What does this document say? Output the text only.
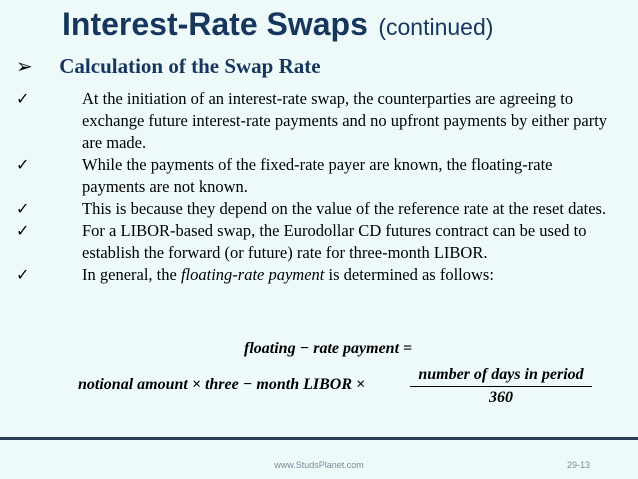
Interest-Rate Swaps (continued)
➢ Calculation of the Swap Rate

✓	At the initiation of an interest-rate swap, the counterparties are agreeing to exchange future interest-rate payments and no upfront payments by either party are made.

✓	While the payments of the fixed-rate payer are known, the floating-rate payments are not known.

✓	This is because they depend on the value of the reference rate at the reset dates.

✓	For a LIBOR-based swap, the Eurodollar CD futures contract can be used to establish the forward (or future) rate for three-month LIBOR.

✓	In general, the floating-rate payment is determined as follows:

floating − rate payment =
notional amount × three − month LIBOR ×
number of days in period
360
www.StudsPlanet.com	29-13
